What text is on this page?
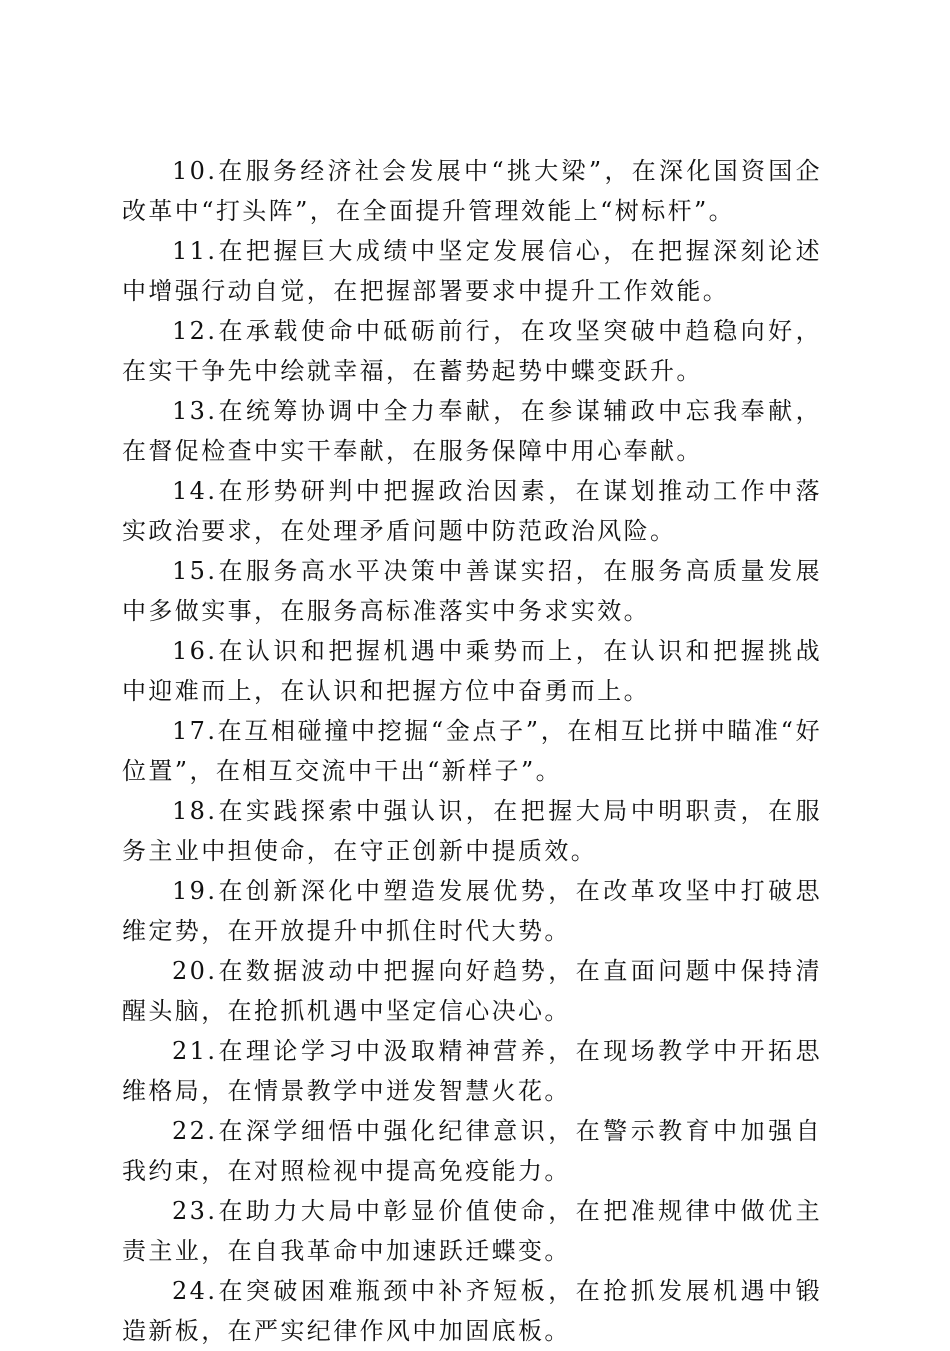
10.在服务经济社会发展中“挑大梁”，在深化国资国企改革中“打头阵”，在全面提升管理效能上“树标杆”。

11.在把握巨大成绩中坚定发展信心，在把握深刻论述中增强行动自觉，在把握部署要求中提升工作效能。

12.在承载使命中砥砺前行，在攻坚突破中趋稳向好，在实干争先中绘就幸福，在蓄势起势中蝶变跃升。

13.在统筹协调中全力奉献，在参谋辅政中忘我奉献，在督促检查中实干奉献，在服务保障中用心奉献。

14.在形势研判中把握政治因素，在谋划推动工作中落实政治要求，在处理矛盾问题中防范政治风险。

15.在服务高水平决策中善谋实招，在服务高质量发展中多做实事，在服务高标准落实中务求实效。

16.在认识和把握机遇中乘势而上，在认识和把握挑战中迎难而上，在认识和把握方位中奋勇而上。

17.在互相碰撞中挖掘“金点子”，在相互比拼中瞄准“好位置”，在相互交流中干出“新样子”。

18.在实践探索中强认识，在把握大局中明职责，在服务主业中担使命，在守正创新中提质效。

19.在创新深化中塑造发展优势，在改革攻坚中打破思维定势，在开放提升中抓住时代大势。

20.在数据波动中把握向好趋势，在直面问题中保持清醒头脑，在抢抓机遇中坚定信心决心。

21.在理论学习中汲取精神营养，在现场教学中开拓思维格局，在情景教学中迸发智慧火花。

22.在深学细悟中强化纪律意识，在警示教育中加强自我约束，在对照检视中提高免疫能力。

23.在助力大局中彰显价值使命，在把准规律中做优主责主业，在自我革命中加速跃迁蝶变。

24.在突破困难瓶颈中补齐短板，在抢抓发展机遇中锻造新板，在严实纪律作风中加固底板。
